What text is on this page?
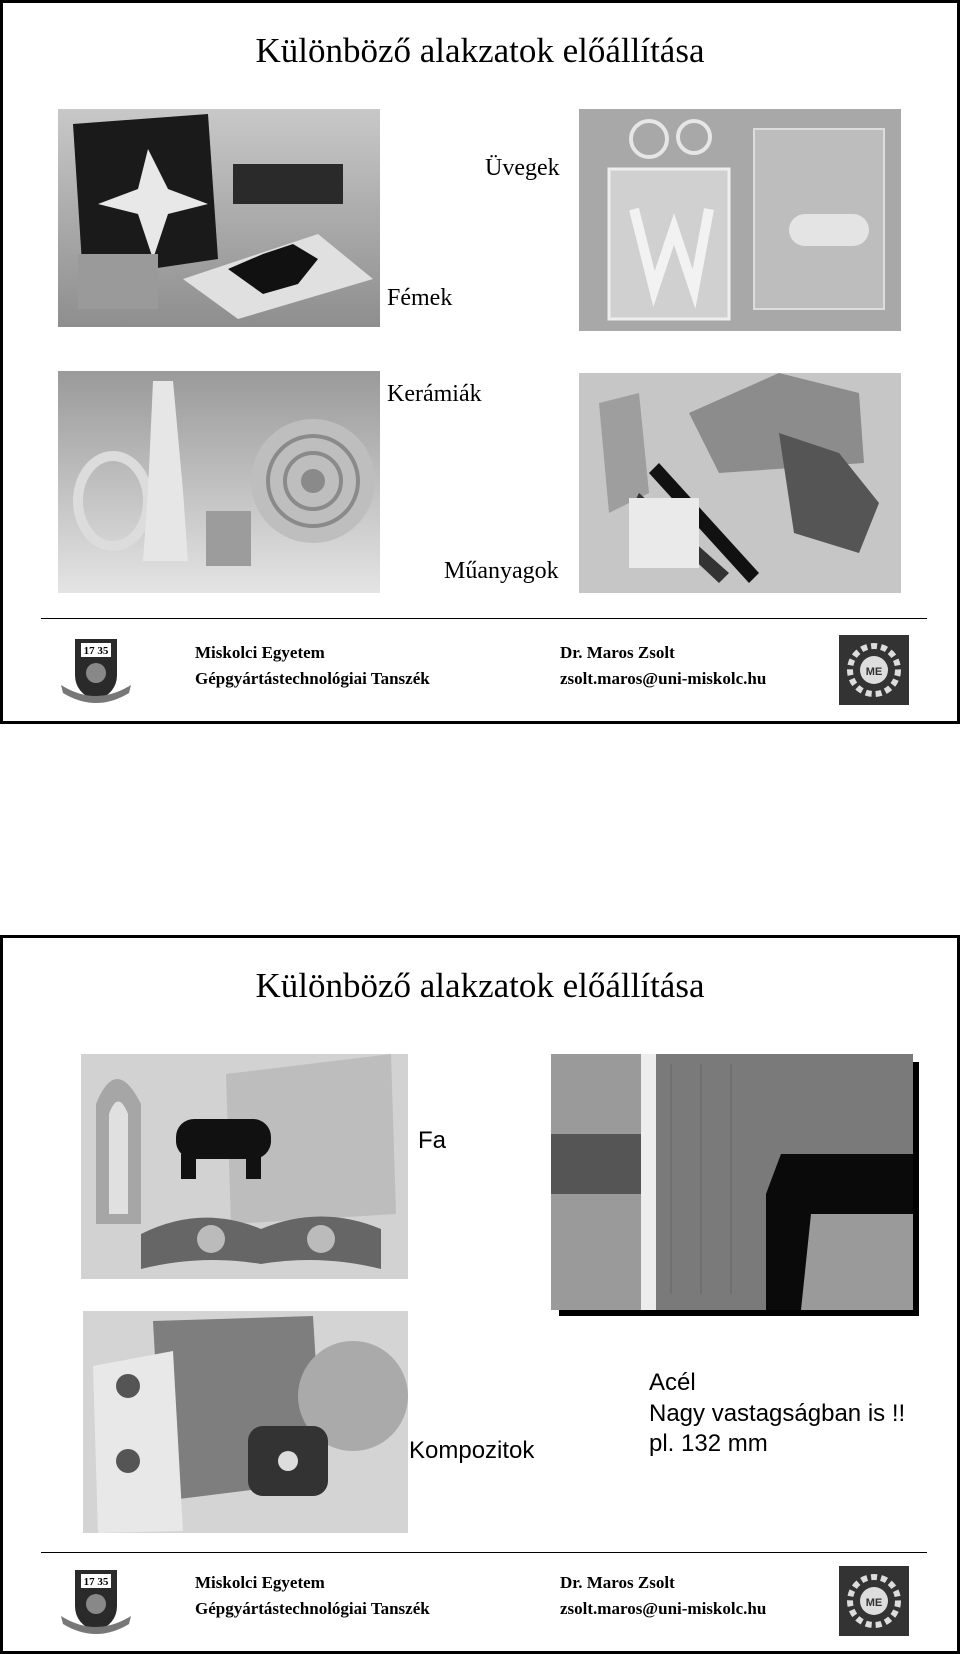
Különböző alakzatok előállítása
Üvegek
Fémek
Kerámiák
Műanyagok
17 35	Miskolci Egyetem
Gépgyártástechnológiai Tanszék
Dr. Maros Zsolt
zsolt.maros@uni-miskolc.hu	ME
Különböző alakzatok előállítása
Fa
Kompozitok
Acél
Nagy vastagságban is !!
pl. 132 mm
17 35	Miskolci Egyetem
Gépgyártástechnológiai Tanszék
Dr. Maros Zsolt
zsolt.maros@uni-miskolc.hu	ME
